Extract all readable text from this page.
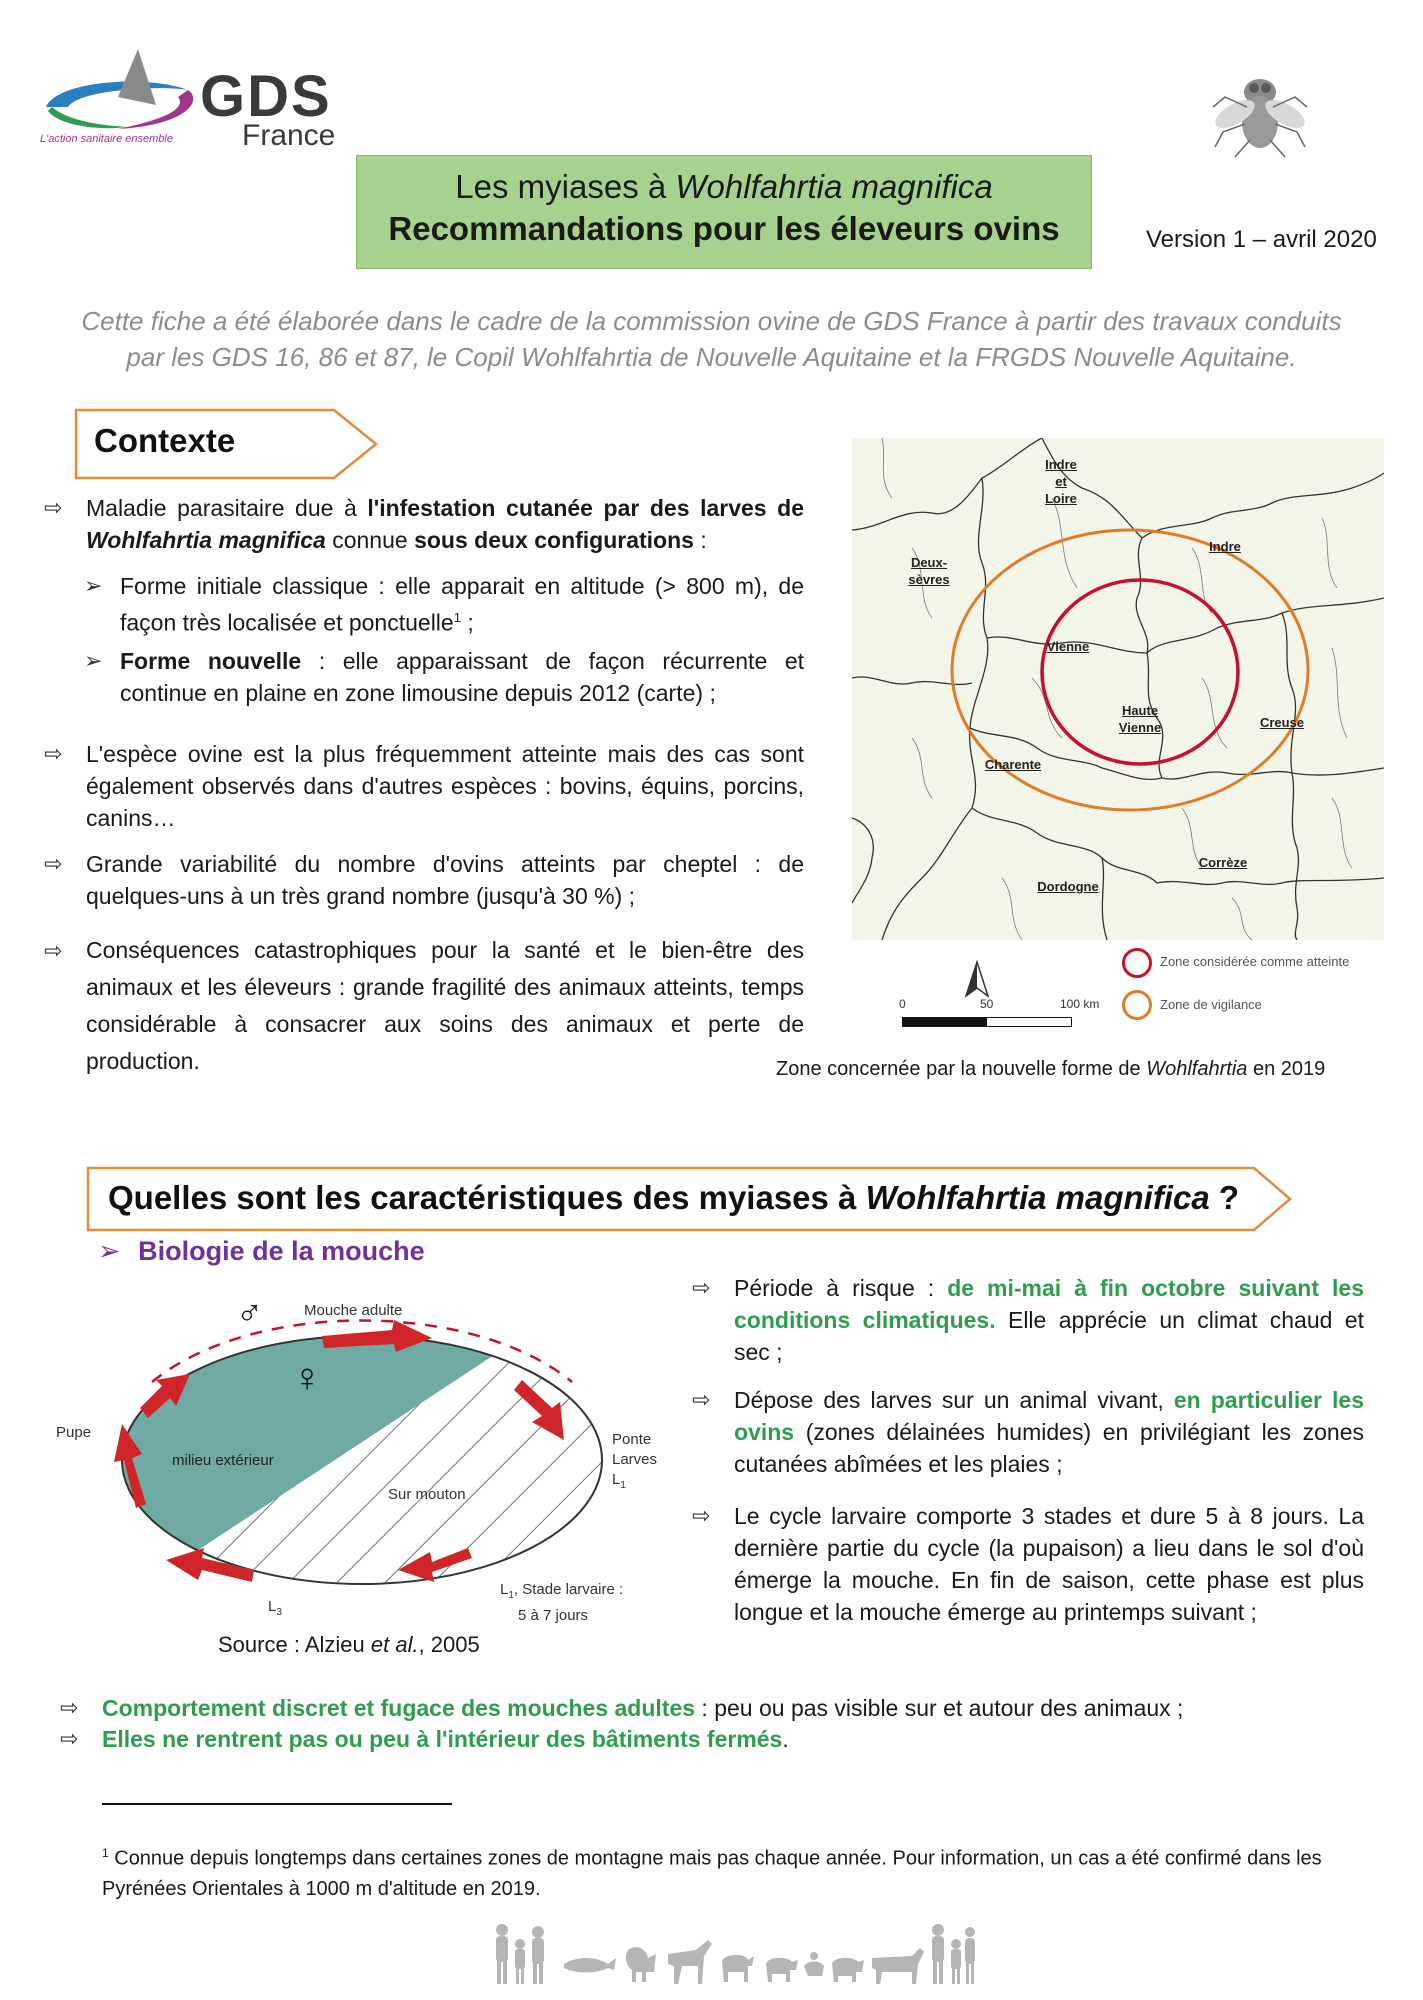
GDS
France
L'action sanitaire ensemble
Les myiases à Wohlfahrtia magnifica
Recommandations pour les éleveurs ovins	Version 1 – avril 2020
Cette fiche a été élaborée dans le cadre de la commission ovine de GDS France à partir des travaux conduits
par les GDS 16, 86 et 87, le Copil Wohlfahrtia de Nouvelle Aquitaine et la FRGDS Nouvelle Aquitaine.
Contexte
⇨ Maladie parasitaire due à l'infestation cutanée par des larves de Wohlfahrtia magnifica connue sous deux configurations :
➢ Forme initiale classique : elle apparait en altitude (> 800 m), de façon très localisée et ponctuelle$^1$ ;
➢ Forme nouvelle : elle apparaissant de façon récurrente et continue en plaine en zone limousine depuis 2012 (carte) ;
⇨ L'espèce ovine est la plus fréquemment atteinte mais des cas sont également observés dans d'autres espèces : bovins, équins, porcins, canins…
⇨ Grande variabilité du nombre d'ovins atteints par cheptel : de quelques-uns à un très grand nombre (jusqu'à 30 %) ;
⇨ Conséquences catastrophiques pour la santé et le bien-être des animaux et les éleveurs : grande fragilité des animaux atteints, temps considérable à consacrer aux soins des animaux et perte de production.
Indre
et
Loire
Deux-
sèvres
Indre
Vienne
Haute
Vienne	Creuse
Charente
Corrèze
Dordogne
0	50	100 km
Zone considérée comme atteinte
Zone de vigilance
Zone concernée par la nouvelle forme de Wohlfahrtia en 2019
Quelles sont les caractéristiques des myiases à Wohlfahrtia magnifica ?
➢ Biologie de la mouche
♂	Mouche adulte
♀
Pupe
milieu extérieur
Ponte
Larves $L_1$
Sur mouton
$L_1$, Stade larvaire :
5 à 7 jours
$L_3$
Source : Alzieu et al., 2005
⇨ Période à risque : de mi-mai à fin octobre suivant les conditions climatiques. Elle apprécie un climat chaud et sec ;
⇨ Dépose des larves sur un animal vivant, en particulier les ovins (zones délainées humides) en privilégiant les zones cutanées abîmées et les plaies ;
⇨ Le cycle larvaire comporte 3 stades et dure 5 à 8 jours. La dernière partie du cycle (la pupaison) a lieu dans le sol d'où émerge la mouche. En fin de saison, cette phase est plus longue et la mouche émerge au printemps suivant ;
⇨ Comportement discret et fugace des mouches adultes : peu ou pas visible sur et autour des animaux ;
⇨ Elles ne rentrent pas ou peu à l'intérieur des bâtiments fermés.
$^1$ Connue depuis longtemps dans certaines zones de montagne mais pas chaque année. Pour information, un cas a été confirmé dans les Pyrénées Orientales à 1000 m d'altitude en 2019.
